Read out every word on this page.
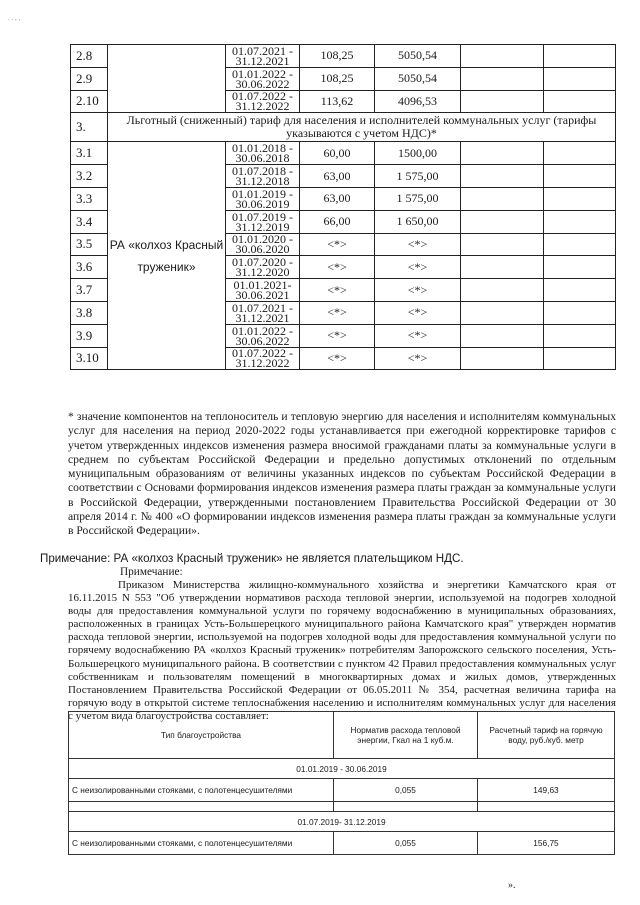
. . , ,
2.8		01.07.2021 - 31.12.2021	108,25	5050,54		
2.9		01.01.2022 - 30.06.2022	108,25	5050,54		
2.10		01.07.2022 - 31.12.2022	113,62	4096,53		
3.	Льготный (сниженный) тариф для населения и исполнителей коммунальных услуг (тарифы указываются с учетом НДС)*					
3.1	РА «колхоз Красный труженик»	01.01.2018 - 30.06.2018	60,00	1500,00		
3.2		01.07.2018 - 31.12.2018	63,00	1 575,00		
3.3		01.01.2019 - 30.06.2019	63,00	1 575,00		
3.4		01.07.2019 - 31.12.2019	66,00	1 650,00		
3.5		01.01.2020 - 30.06.2020	<*>	<*>		
3.6		01.07.2020 - 31.12.2020	<*>	<*>		
3.7		01.01.2021- 30.06.2021	<*>	<*>		
3.8		01.07.2021 - 31.12.2021	<*>	<*>		
3.9		01.01.2022 - 30.06.2022	<*>	<*>		
3.10		01.07.2022 - 31.12.2022	<*>	<*>		
* значение компонентов на теплоноситель и тепловую энергию для населения и исполнителям коммунальных услуг для населения на период 2020-2022 годы устанавливается при ежегодной корректировке тарифов с учетом утвержденных индексов изменения размера вносимой гражданами платы за коммунальные услуги в среднем по субъектам Российской Федерации и предельно допустимых отклонений по отдельным муниципальным образованиям от величины указанных индексов по субъектам Российской Федерации в соответствии с Основами формирования индексов изменения размера платы граждан за коммунальные услуги в Российской Федерации, утвержденными постановлением Правительства Российской Федерации от 30 апреля 2014 г. № 400 «О формировании индексов изменения размера платы граждан за коммунальные услуги в Российской Федерации».
Примечание: РА «колхоз Красный труженик» не является плательщиком НДС.
Примечание:
Приказом Министерства жилищно-коммунального хозяйства и энергетики Камчатского края от 16.11.2015 N 553 "Об утверждении нормативов расхода тепловой энергии, используемой на подогрев холодной воды для предоставления коммунальной услуги по горячему водоснабжению в муниципальных образованиях, расположенных в границах Усть-Большерецкого муниципального района Камчатского края" утвержден норматив расхода тепловой энергии, используемой на подогрев холодной воды для предоставления коммунальной услуги по горячему водоснабжению РА «колхоз Красный труженик» потребителям Запорожского сельского поселения, Усть-Большерецкого муниципального района. В соответствии с пунктом 42 Правил предоставления коммунальных услуг собственникам и пользователям помещений в многоквартирных домах и жилых домов, утвержденных Постановлением Правительства Российской Федерации от 06.05.2011 № 354, расчетная величина тарифа на горячую воду в открытой системе теплоснабжения населению и исполнителям коммунальных услуг для населения с учетом вида благоустройства составляет:
Тип благоустройства	Норматив расхода тепловой энергии, Гкал на 1 куб.м.	Расчетный тариф на горячую воду, руб./куб. метр
01.01.2019 - 30.06.2019		
С неизолированными стояками, с полотенцесушителями	0,055	149,63

01.07.2019- 31.12.2019		
С неизолированными стояками, с полотенцесушителями	0,055	156,75
».
